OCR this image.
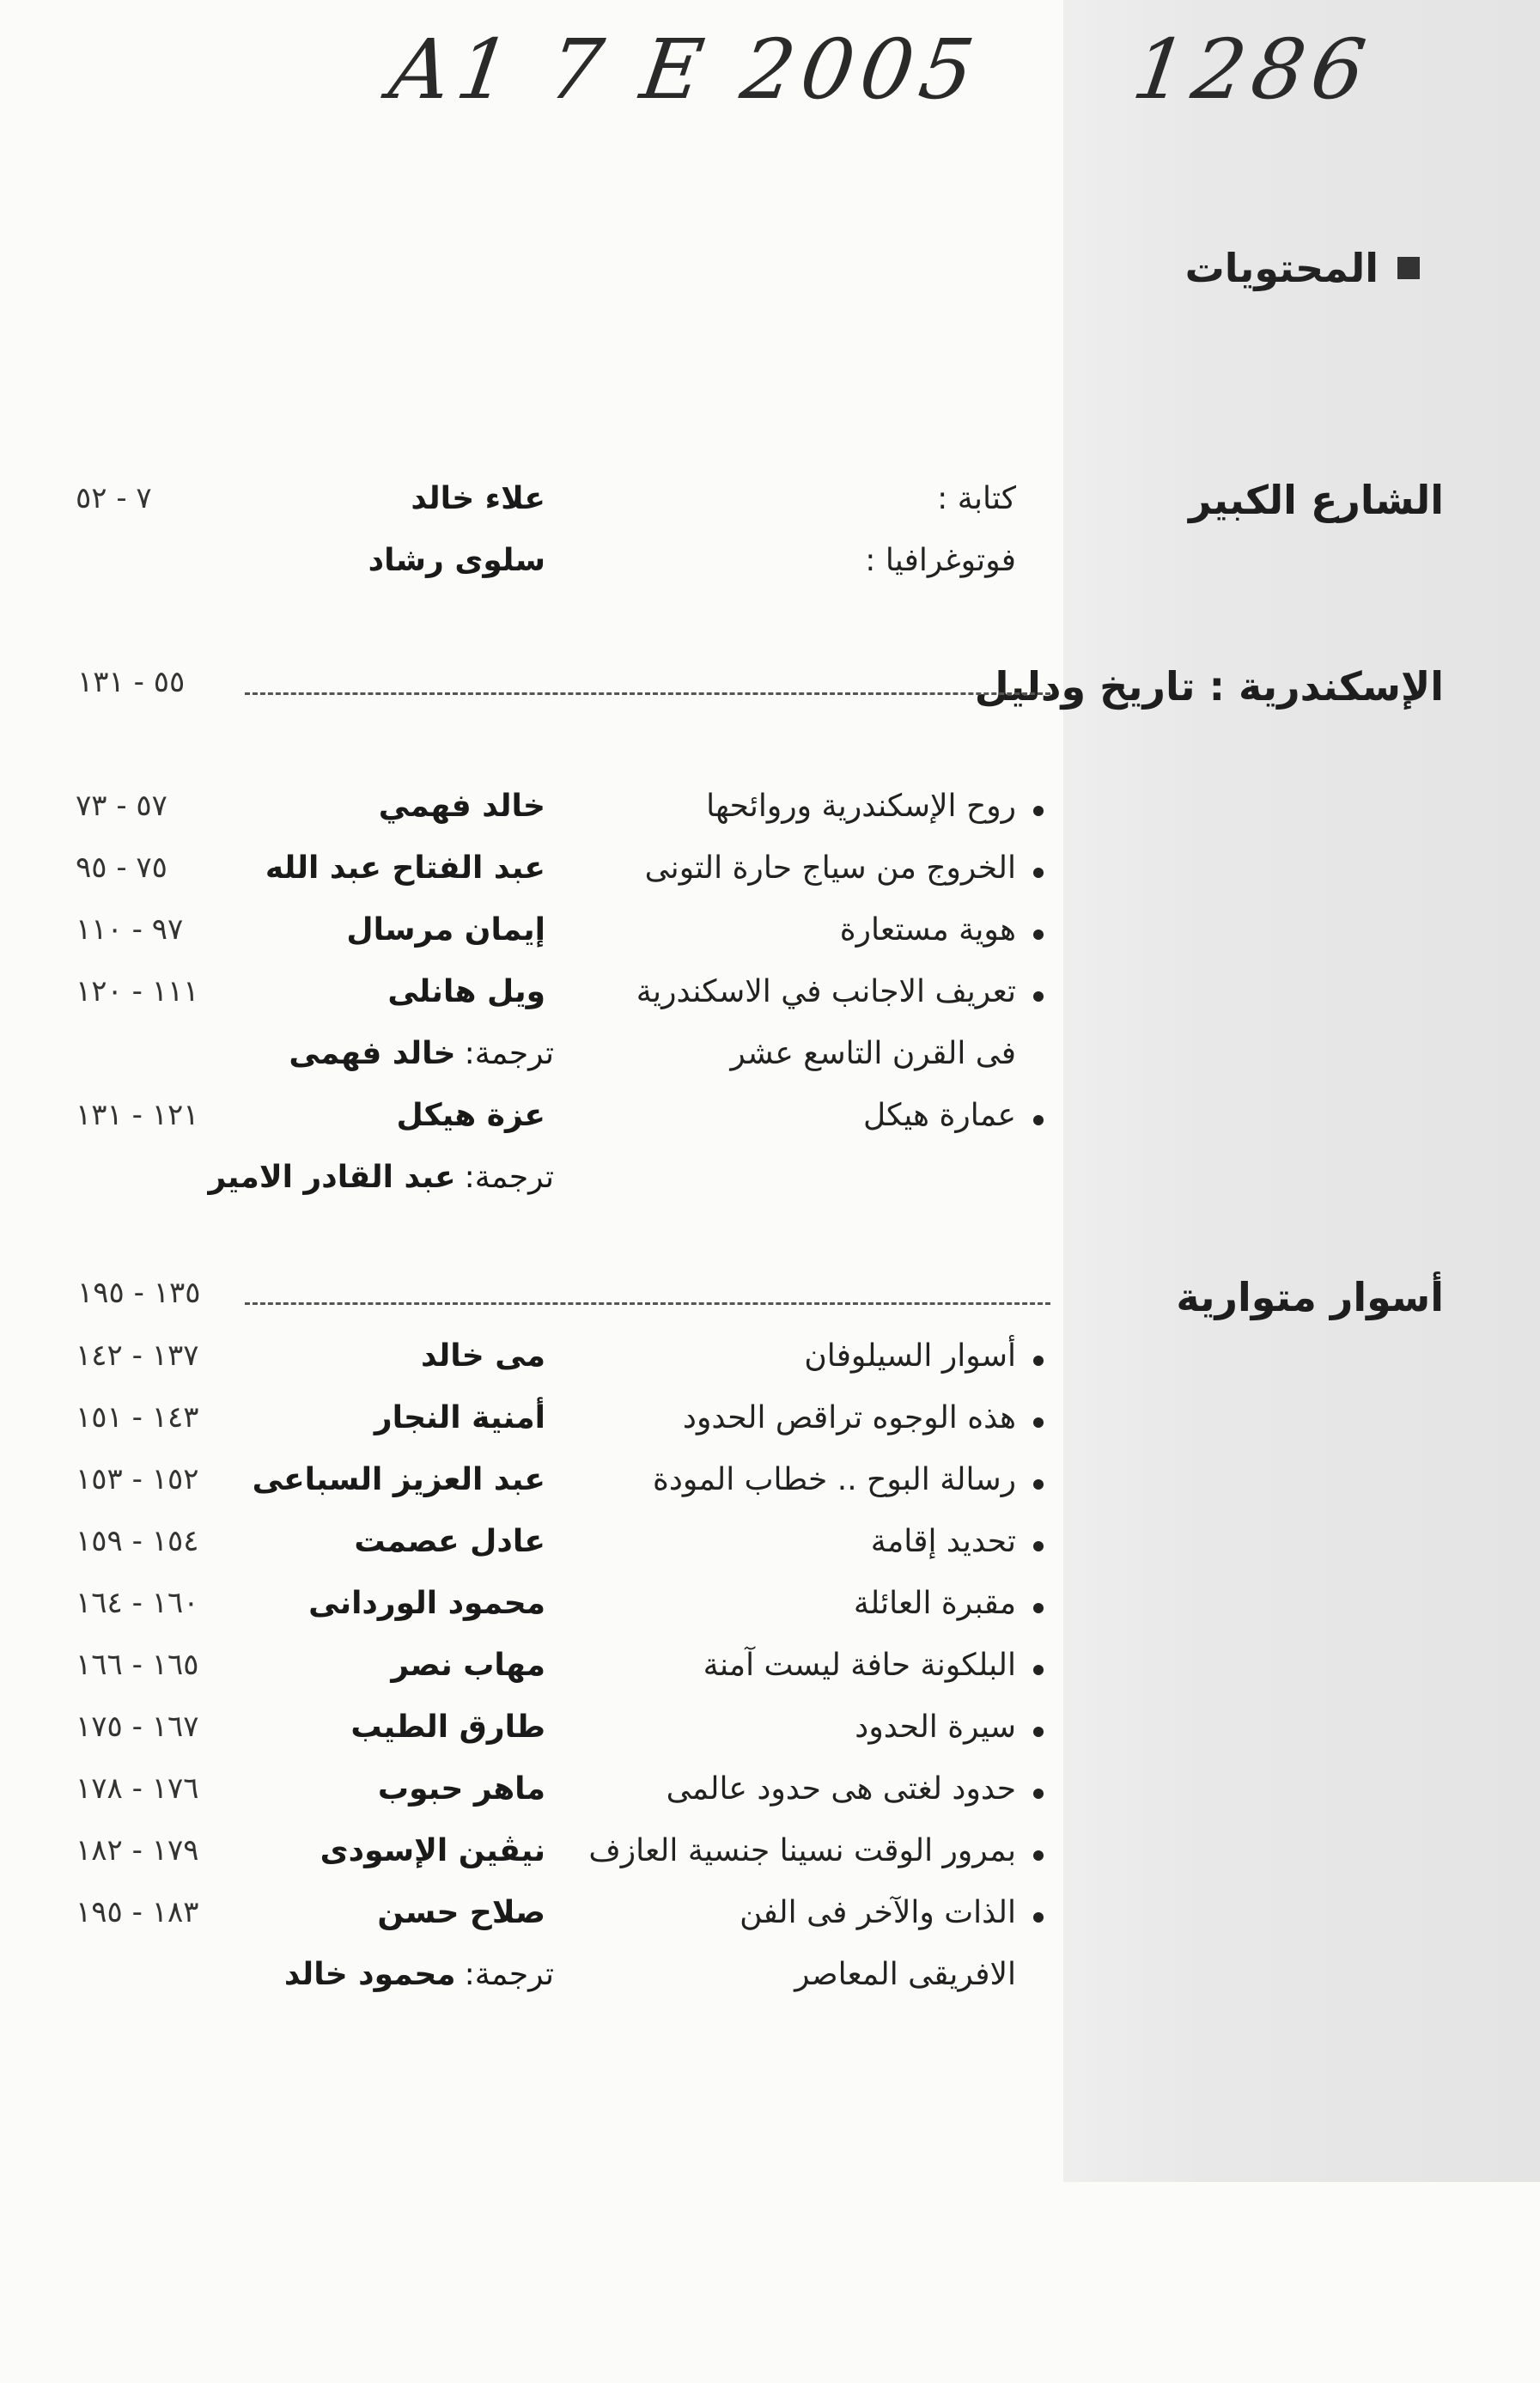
A1 7 E 2005 1286
المحتويات
الشارع الكبير
كتابة :
علاء خالد
٧ - ٥٢
فوتوغرافيا :
سلوى رشاد
الإسكندرية : تاريخ ودليل
٥٥ - ١٣١
روح الإسكندرية وروائحها
خالد فهمي
٥٧ - ٧٣
الخروج من سياج حارة التونى
عبد الفتاح عبد الله
٧٥ - ٩٥
هوية مستعارة
إيمان مرسال
٩٧ - ١١٠
تعريف الاجانب في الاسكندرية
ويل هانلى
١١١ - ١٢٠
فى القرن التاسع عشر
ترجمة:خالد فهمى
عمارة هيكل
عزة هيكل
١٢١ - ١٣١
ترجمة:عبد القادر الامير
أسوار متوارية
١٣٥ - ١٩٥
أسوار السيلوفان
مى خالد
١٣٧ - ١٤٢
هذه الوجوه تراقص الحدود
أمنية النجار
١٤٣ - ١٥١
رسالة البوح .. خطاب المودة
عبد العزيز السباعى
١٥٢ - ١٥٣
تحديد إقامة
عادل عصمت
١٥٤ - ١٥٩
مقبرة العائلة
محمود الوردانى
١٦٠ - ١٦٤
البلكونة حافة ليست آمنة
مهاب نصر
١٦٥ - ١٦٦
سيرة الحدود
طارق الطيب
١٦٧ - ١٧٥
حدود لغتى هى حدود عالمى
ماهر حبوب
١٧٦ - ١٧٨
بمرور الوقت نسينا جنسية العازف
نيڤين الإسودى
١٧٩ - ١٨٢
الذات والآخر فى الفن
صلاح حسن
١٨٣ - ١٩٥
الافريقى المعاصر
ترجمة:محمود خالد
